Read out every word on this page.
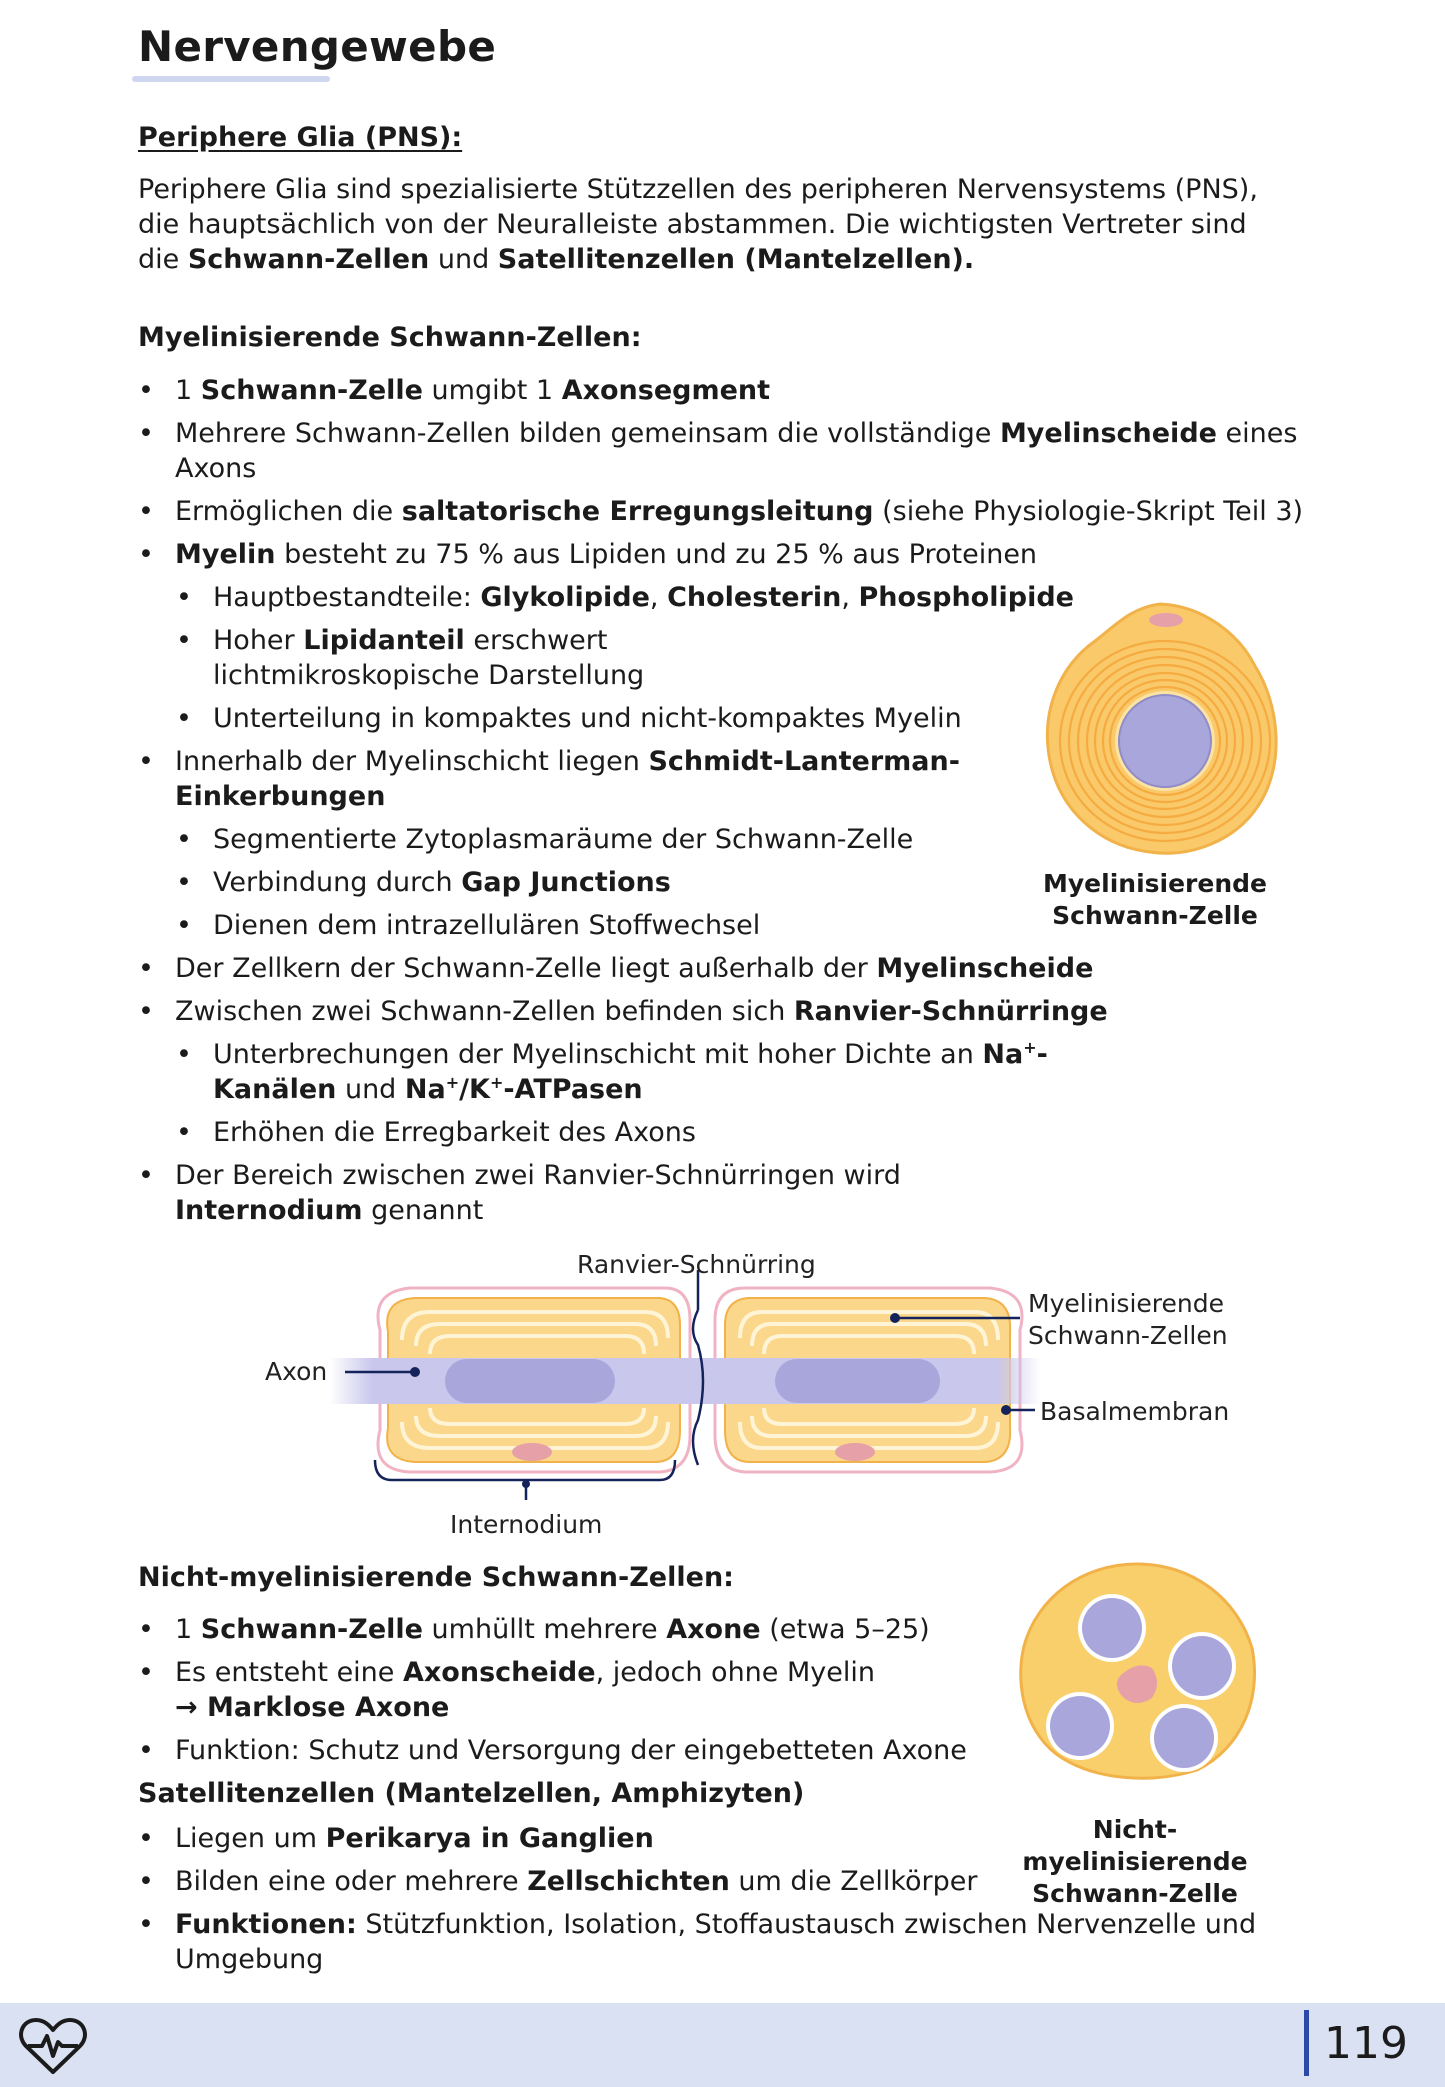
Nervengewebe
Periphere Glia (PNS):
Periphere Glia sind spezialisierte Stützzellen des peripheren Nervensystems (PNS),
die hauptsächlich von der Neuralleiste abstammen. Die wichtigsten Vertreter sind
die Schwann-Zellen und Satellitenzellen (Mantelzellen).
Myelinisierende Schwann-Zellen:
• 1 Schwann-Zelle umgibt 1 Axonsegment
• Mehrere Schwann-Zellen bilden gemeinsam die vollständige Myelinscheide eines Axons
• Ermöglichen die saltatorische Erregungsleitung (siehe Physiologie-Skript Teil 3)
• Myelin besteht zu 75 % aus Lipiden und zu 25 % aus Proteinen
• Hauptbestandteile: Glykolipide, Cholesterin, Phospholipide
• Hoher Lipidanteil erschwert lichtmikroskopische Darstellung
• Unterteilung in kompaktes und nicht-kompaktes Myelin
• Innerhalb der Myelinschicht liegen Schmidt-Lanterman-Einkerbungen
• Segmentierte Zytoplasmaräume der Schwann-Zelle
• Verbindung durch Gap Junctions
• Dienen dem intrazellulären Stoffwechsel
• Der Zellkern der Schwann-Zelle liegt außerhalb der Myelinscheide
• Zwischen zwei Schwann-Zellen befinden sich Ranvier-Schnürringe
• Unterbrechungen der Myelinschicht mit hoher Dichte an Na+-Kanälen und Na+/K+-ATPasen
• Erhöhen die Erregbarkeit des Axons
• Der Bereich zwischen zwei Ranvier-Schnürringen wird Internodium genannt
Myelinisierende
Schwann-Zelle
Ranvier-Schnürring
Myelinisierende
Schwann-Zellen
Axon
Basalmembran
Internodium
Nicht-myelinisierende Schwann-Zellen:
• 1 Schwann-Zelle umhüllt mehrere Axone (etwa 5–25)
• Es entsteht eine Axonscheide, jedoch ohne Myelin
→ Marklose Axone
• Funktion: Schutz und Versorgung der eingebetteten Axone
Nicht- myelinisierende
Schwann-Zelle
Satellitenzellen (Mantelzellen, Amphizyten)
• Liegen um Perikarya in Ganglien
• Bilden eine oder mehrere Zellschichten um die Zellkörper
• Funktionen: Stützfunktion, Isolation, Stoffaustausch zwischen Nervenzelle und Umgebung
119
